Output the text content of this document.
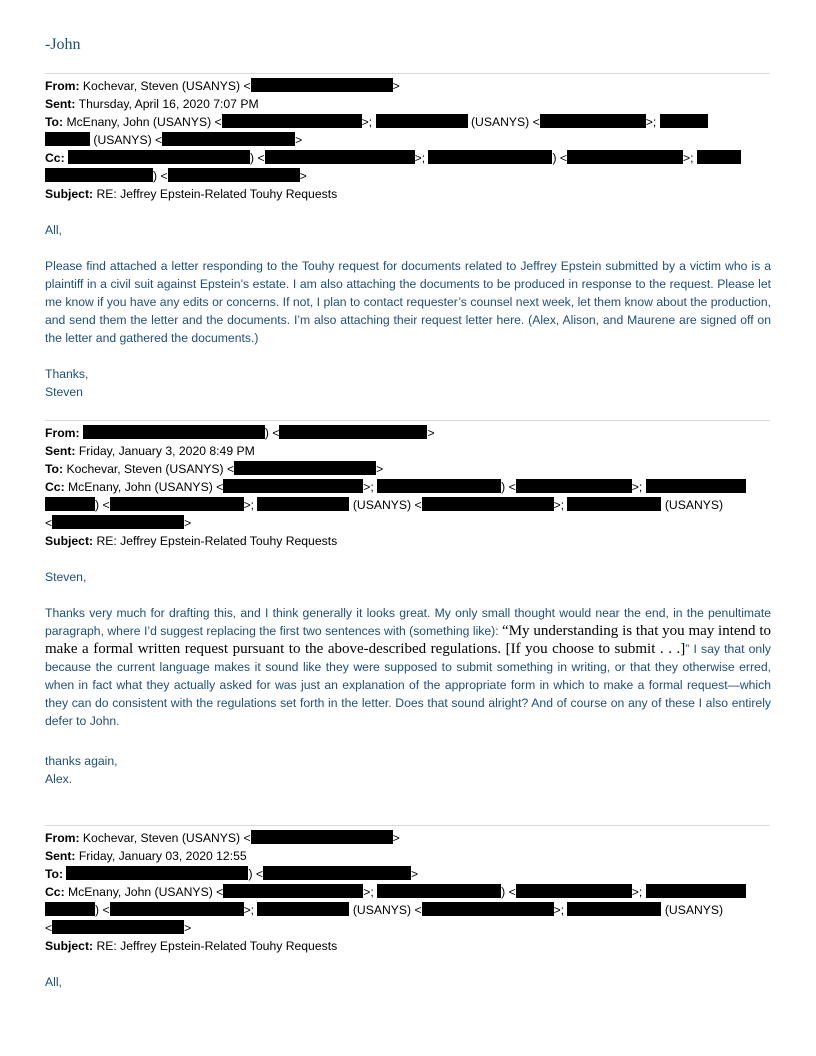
-John
From: Kochevar, Steven (USANYS) <	>
Sent: Thursday, April 16, 2020 7:07 PM
To: McEnany, John (USANYS) <	>;	(USANYS) <	>;
(USANYS) <	>
Cc:	) <	>;	) <	>;
) <	>
Subject: RE: Jeffrey Epstein-Related Touhy Requests
All,
Please find attached a letter responding to the Touhy request for documents related to Jeffrey Epstein submitted by a victim who is a plaintiff in a civil suit against Epstein’s estate. I am also attaching the documents to be produced in response to the request. Please let me know if you have any edits or concerns. If not, I plan to contact requester’s counsel next week, let them know about the production, and send them the letter and the documents. I’m also attaching their request letter here. (Alex, Alison, and Maurene are signed off on the letter and gathered the documents.)
Thanks,
Steven
From:	) <	>
Sent: Friday, January 3, 2020 8:49 PM
To: Kochevar, Steven (USANYS) <	>
Cc: McEnany, John (USANYS) <	>;	) <	>;
) <	>;	(USANYS) <	>;	(USANYS)
<	>
Subject: RE: Jeffrey Epstein-Related Touhy Requests
Steven,
Thanks very much for drafting this, and I think generally it looks great. My only small thought would near the end, in the penultimate paragraph, where I’d suggest replacing the first two sentences with (something like): “My understanding is that you may intend to make a formal written request pursuant to the above-described regulations. [If you choose to submit . . .]” I say that only because the current language makes it sound like they were supposed to submit something in writing, or that they otherwise erred, when in fact what they actually asked for was just an explanation of the appropriate form in which to make a formal request—which they can do consistent with the regulations set forth in the letter. Does that sound alright? And of course on any of these I also entirely defer to John.
thanks again,
Alex.
From: Kochevar, Steven (USANYS) <	>
Sent: Friday, January 03, 2020 12:55
To:	) <	>
Cc: McEnany, John (USANYS) <	>;	) <	>;
) <	>;	(USANYS) <	>;	(USANYS)
<	>
Subject: RE: Jeffrey Epstein-Related Touhy Requests
All,
